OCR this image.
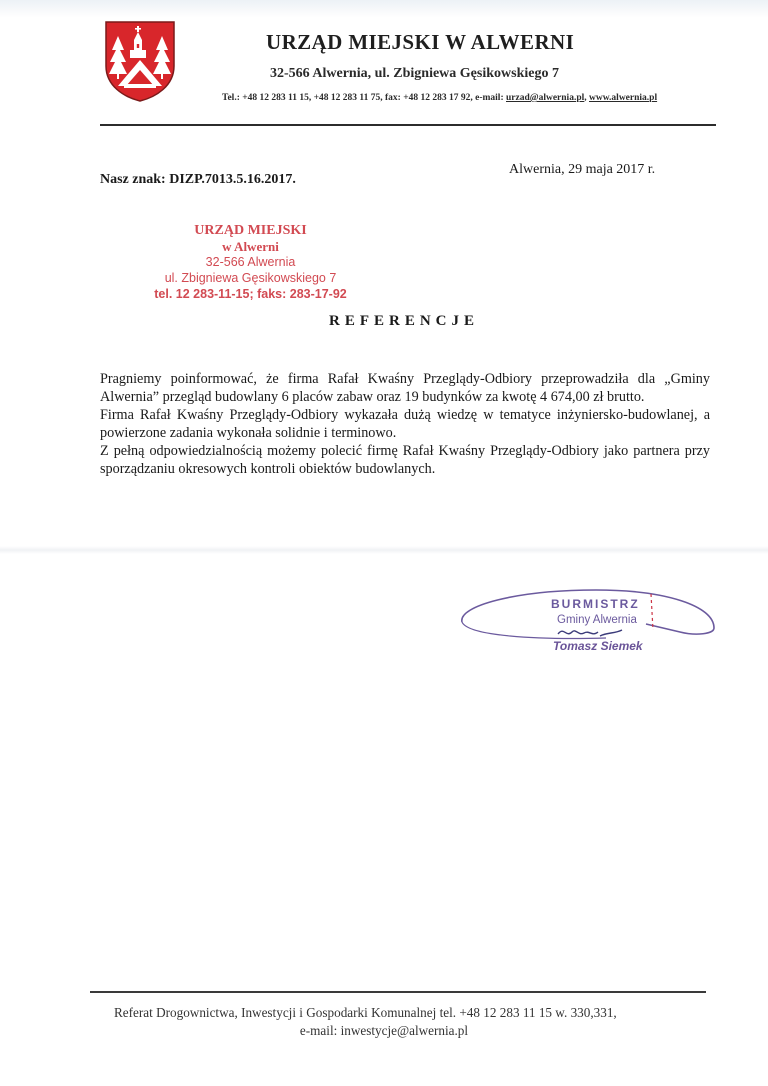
URZĄD MIEJSKI W ALWERNI
32-566 Alwernia, ul. Zbigniewa Gęsikowskiego 7
Tel.: +48 12 283 11 15, +48 12 283 11 75, fax: +48 12 283 17 92, e-mail: urzad@alwernia.pl, www.alwernia.pl
Nasz znak: DIZP.7013.5.16.2017.
Alwernia, 29 maja 2017 r.
URZĄD MIEJSKI
w Alwerni
32-566 Alwernia
ul. Zbigniewa Gęsikowskiego 7
tel. 12 283-11-15; faks: 283-17-92
REFERENCJE

Pragniemy poinformować, że firma Rafał Kwaśny Przeglądy-Odbiory przeprowadziła dla „Gminy Alwernia” przegląd budowlany 6 placów zabaw oraz 19 budynków za kwotę 4 674,00 zł brutto.

Firma Rafał Kwaśny Przeglądy-Odbiory wykazała dużą wiedzę w tematyce inżyniersko-budowlanej, a powierzone zadania wykonała solidnie i terminowo.

Z pełną odpowiedzialnością możemy polecić firmę Rafał Kwaśny Przeglądy-Odbiory jako partnera przy sporządzaniu okresowych kontroli obiektów budowlanych.

BURMISTRZ
Gminy Alwernia
Tomasz Siemek
Referat Drogownictwa, Inwestycji i Gospodarki Komunalnej tel. +48 12 283 11 15 w. 330,331,
e-mail: inwestycje@alwernia.pl
